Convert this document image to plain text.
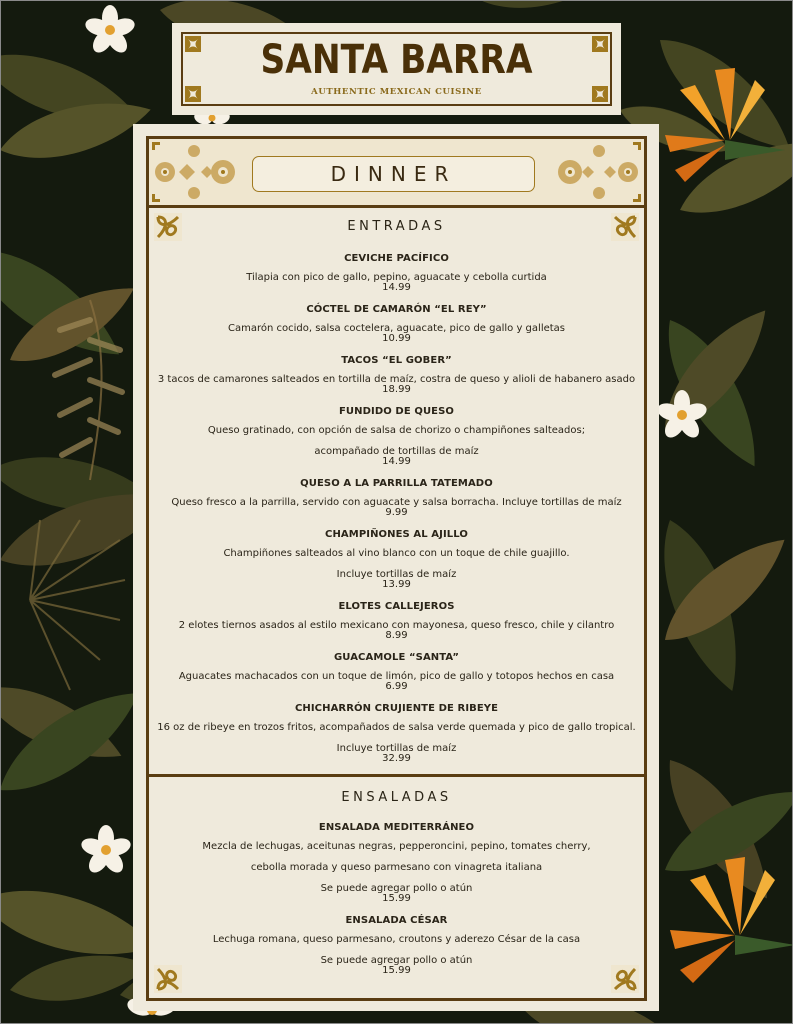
SANTA BARRA
AUTHENTIC MEXICAN CUISINE
DINNER
ENTRADAS
CEVICHE PACÍFICO
Tilapia con pico de gallo, pepino, aguacate y cebolla curtida
14.99
CÓCTEL DE CAMARÓN “EL REY”
Camarón cocido, salsa coctelera, aguacate, pico de gallo y galletas
10.99
TACOS “EL GOBER”
3 tacos de camarones salteados en tortilla de maíz, costra de queso y alioli de habanero asado
18.99
FUNDIDO DE QUESO
Queso gratinado, con opción de salsa de chorizo o champiñones salteados;
acompañado de tortillas de maíz
14.99
QUESO A LA PARRILLA TATEMADO
Queso fresco a la parrilla, servido con aguacate y salsa borracha. Incluye tortillas de maíz
9.99
CHAMPIÑONES AL AJILLO
Champiñones salteados al vino blanco con un toque de chile guajillo.
Incluye tortillas de maíz
13.99
ELOTES CALLEJEROS
2 elotes tiernos asados al estilo mexicano con mayonesa, queso fresco, chile y cilantro
8.99
GUACAMOLE “SANTA”
Aguacates machacados con un toque de limón, pico de gallo y totopos hechos en casa
6.99
CHICHARRÓN CRUJIENTE DE RIBEYE
16 oz de ribeye en trozos fritos, acompañados de salsa verde quemada y pico de gallo tropical.
Incluye tortillas de maíz
32.99
ENSALADAS
ENSALADA MEDITERRÁNEO
Mezcla de lechugas, aceitunas negras, pepperoncini, pepino, tomates cherry,
cebolla morada y queso parmesano con vinagreta italiana
Se puede agregar pollo o atún
15.99
ENSALADA CÉSAR
Lechuga romana, queso parmesano, croutons y aderezo César de la casa
Se puede agregar pollo o atún
15.99
